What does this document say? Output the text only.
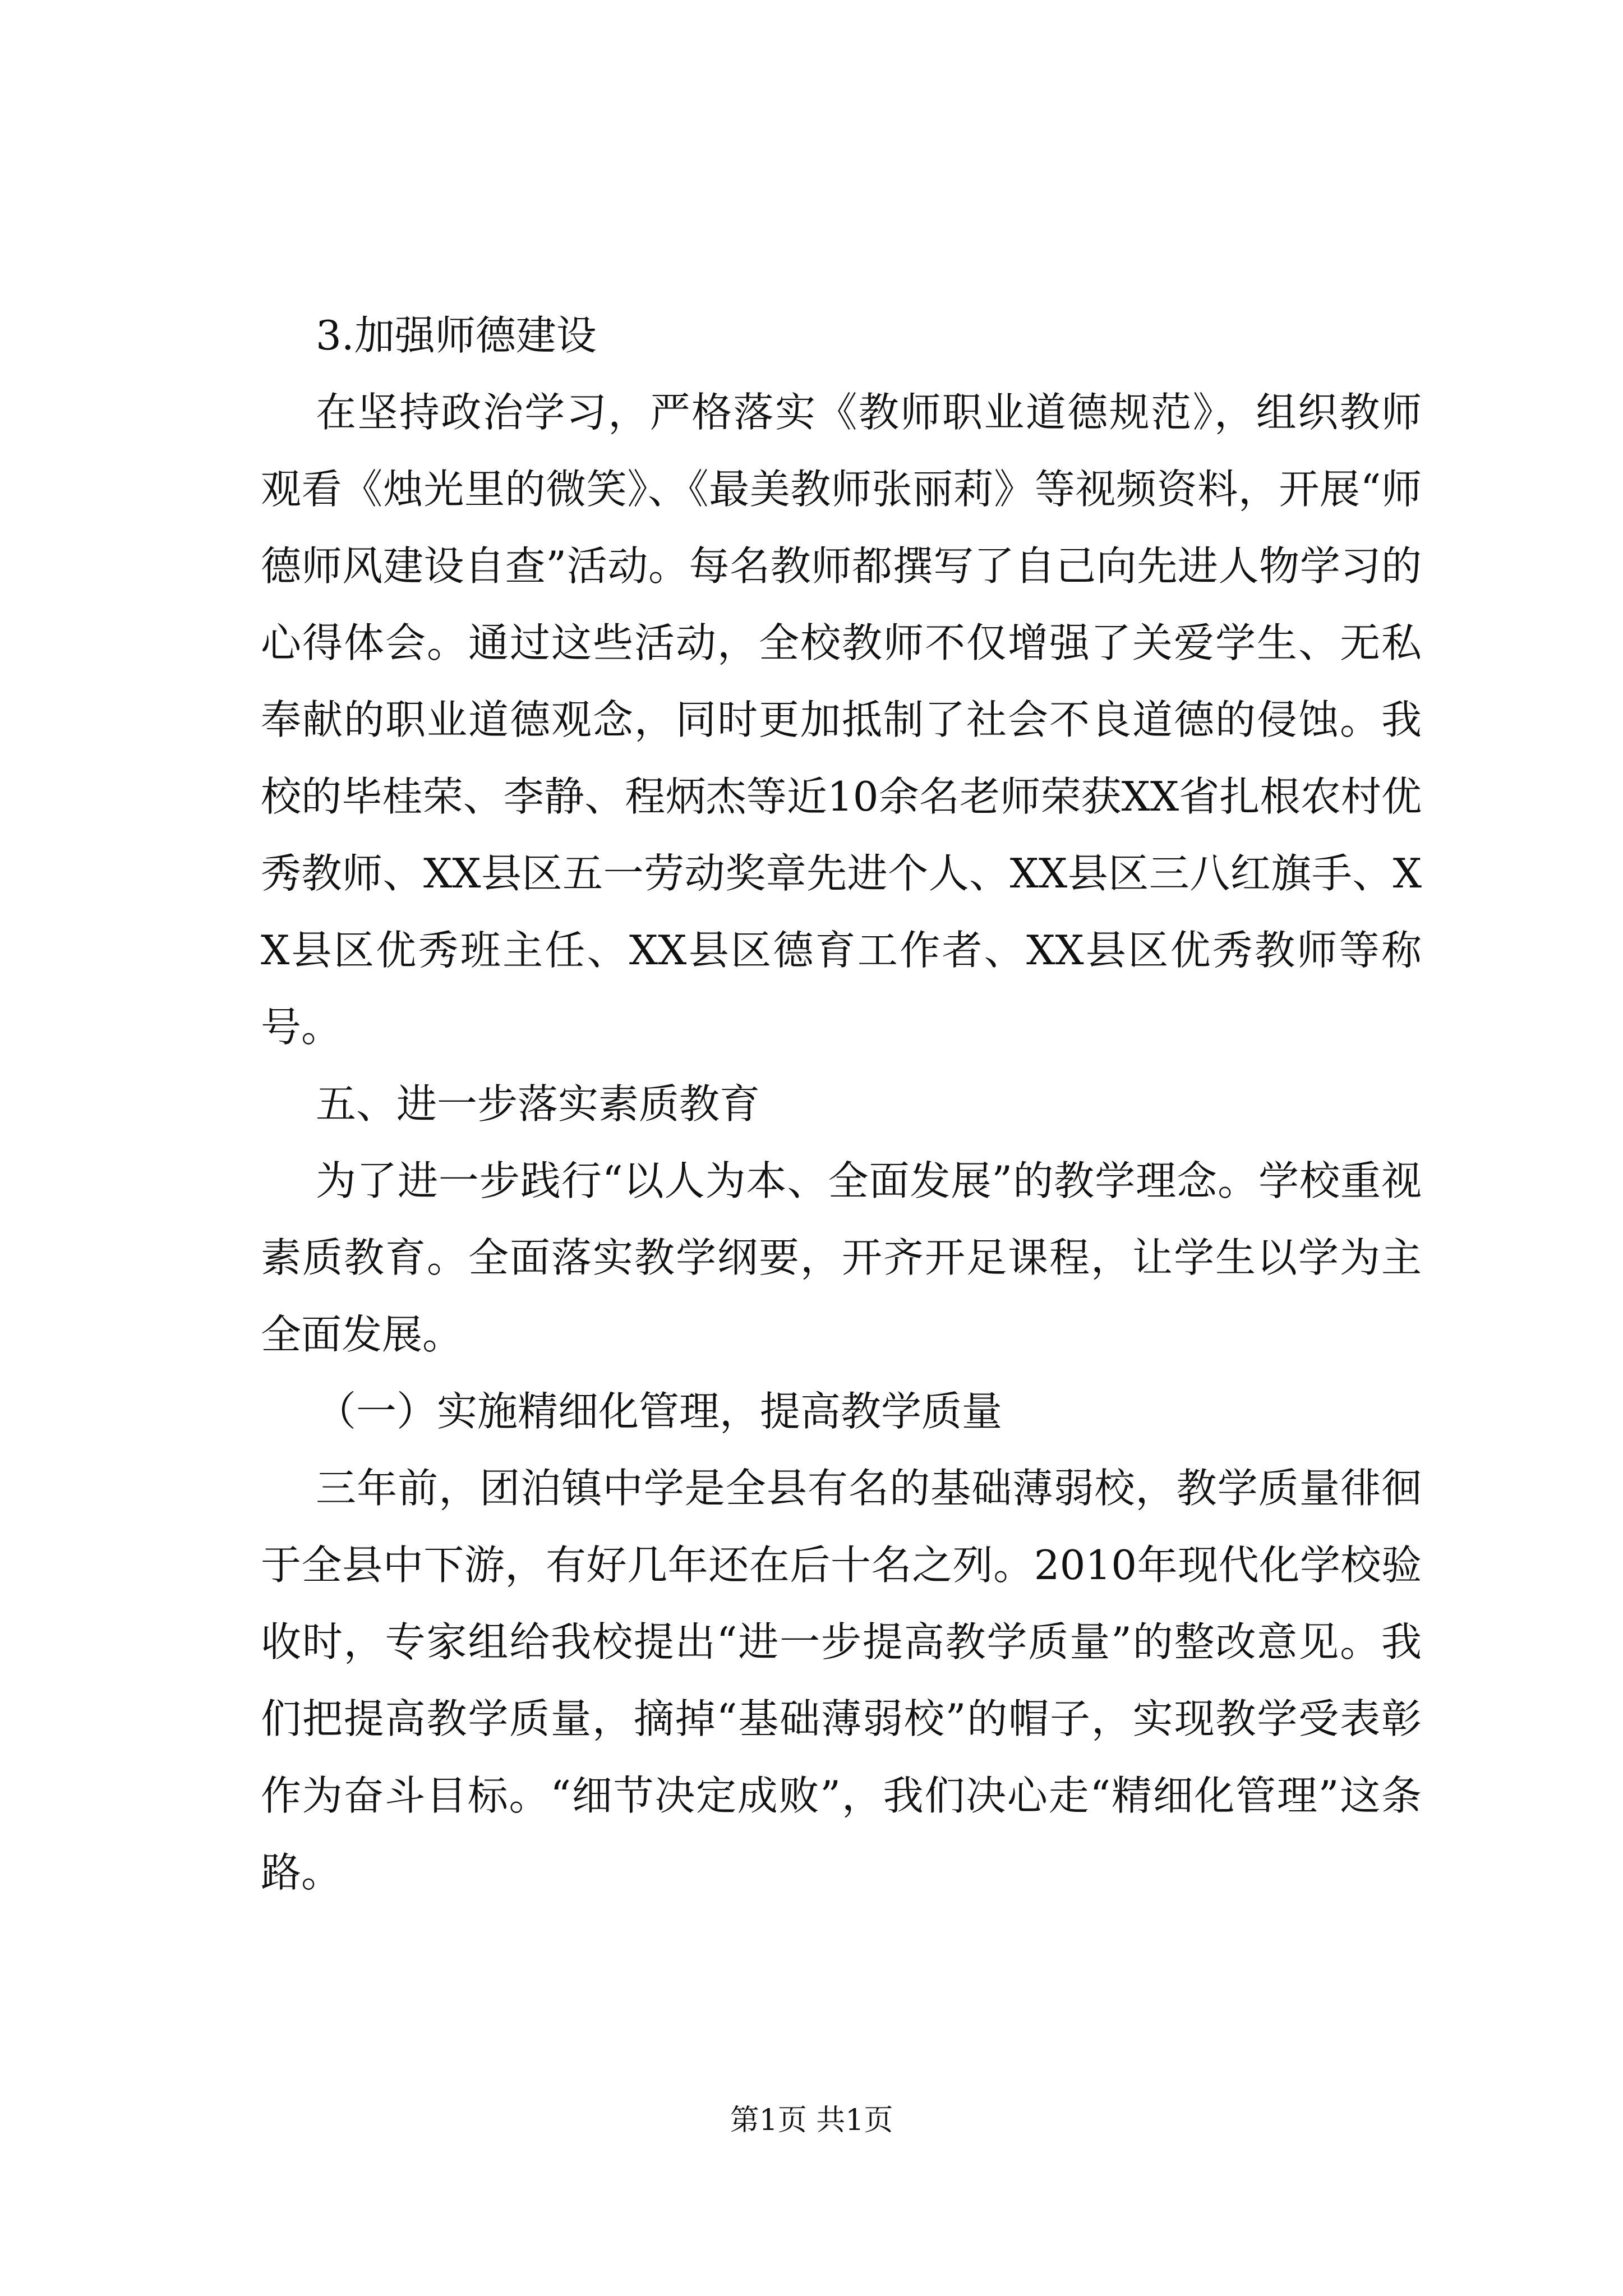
3.加强师德建设

在坚持政治学习，严格落实《教师职业道德规范》，组织教师观看《烛光里的微笑》、《最美教师张丽莉》等视频资料，开展“师德师风建设自查”活动。每名教师都撰写了自己向先进人物学习的心得体会。通过这些活动，全校教师不仅增强了关爱学生、无私奉献的职业道德观念，同时更加抵制了社会不良道德的侵蚀。我校的毕桂荣、李静、程炳杰等近10余名老师荣获XX省扎根农村优秀教师、XX县区五一劳动奖章先进个人、XX县区三八红旗手、XX县区优秀班主任、XX县区德育工作者、XX县区优秀教师等称号。

五、进一步落实素质教育

为了进一步践行“以人为本、全面发展”的教学理念。学校重视素质教育。全面落实教学纲要，开齐开足课程，让学生以学为主全面发展。

（一）实施精细化管理，提高教学质量

三年前，团泊镇中学是全县有名的基础薄弱校，教学质量徘徊于全县中下游，有好几年还在后十名之列。2010年现代化学校验收时，专家组给我校提出“进一步提高教学质量”的整改意见。我们把提高教学质量，摘掉“基础薄弱校”的帽子，实现教学受表彰作为奋斗目标。“细节决定成败”，我们决心走“精细化管理”这条路。

第1页 共1页
